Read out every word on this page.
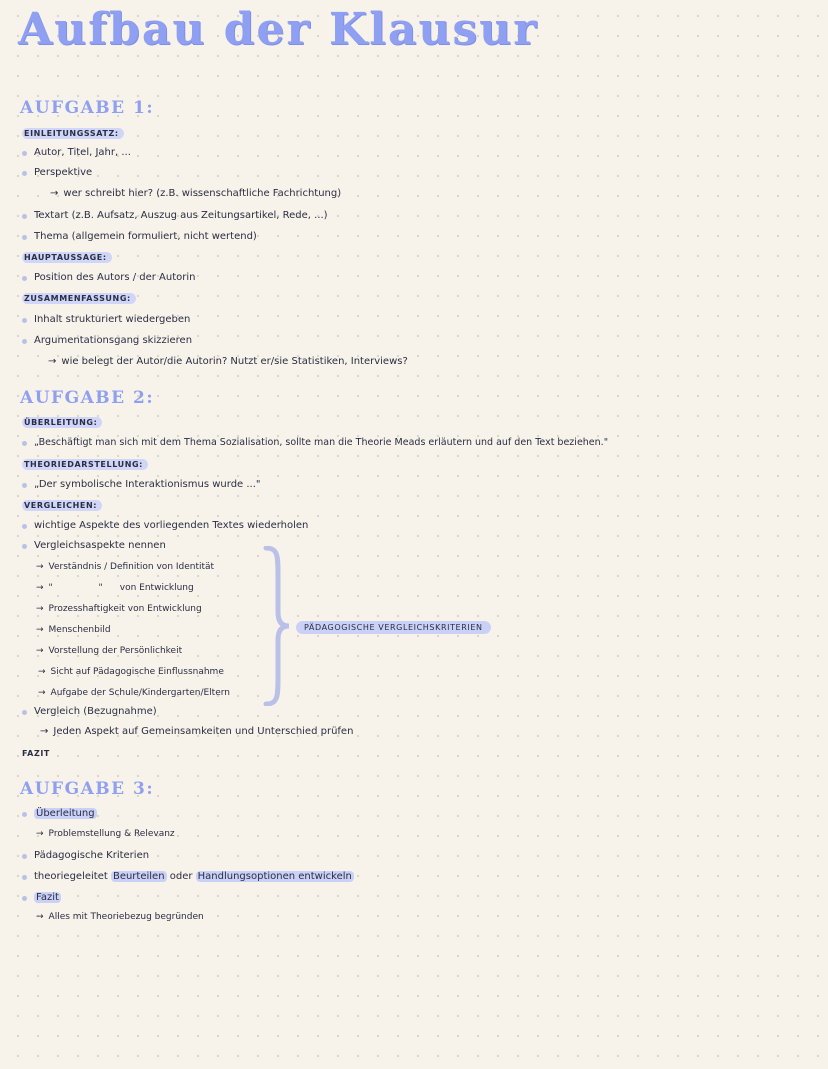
Aufbau der Klausur
AUFGABE 1:
EINLEITUNGSSATZ:
Autor, Titel, Jahr, ...
Perspektive
→ wer schreibt hier? (z.B. wissenschaftliche Fachrichtung)
Textart (z.B. Aufsatz, Auszug aus Zeitungsartikel, Rede, ...)
Thema (allgemein formuliert, nicht wertend)
HAUPTAUSSAGE:
Position des Autors / der Autorin
ZUSAMMENFASSUNG:
Inhalt strukturiert wiedergeben
Argumentationsgang skizzieren
→ wie belegt der Autor/die Autorin? Nutzt er/sie Statistiken, Interviews?
AUFGABE 2:
ÜBERLEITUNG:
„Beschäftigt man sich mit dem Thema Sozialisation, sollte man die Theorie Meads erläutern und auf den Text beziehen."
THEORIEDARSTELLUNG:
„Der symbolische Interaktionismus wurde ..."
VERGLEICHEN:
wichtige Aspekte des vorliegenden Textes wiederholen
Vergleichsaspekte nennen
→ Verständnis / Definition von Identität
→ "                "      von Entwicklung
→ Prozesshaftigkeit von Entwicklung
→ Menschenbild
→ Vorstellung der Persönlichkeit
→ Sicht auf Pädagogische Einflussnahme
→ Aufgabe der Schule/Kindergarten/Eltern
PÄDAGOGISCHE VERGLEICHSKRITERIEN
Vergleich (Bezugnahme)
→ Jeden Aspekt auf Gemeinsamkeiten und Unterschied prüfen
FAZIT
AUFGABE 3:
Überleitung
→ Problemstellung & Relevanz
Pädagogische Kriterien
theoriegeleitet Beurteilen oder Handlungsoptionen entwickeln
Fazit
→ Alles mit Theoriebezug begründen
